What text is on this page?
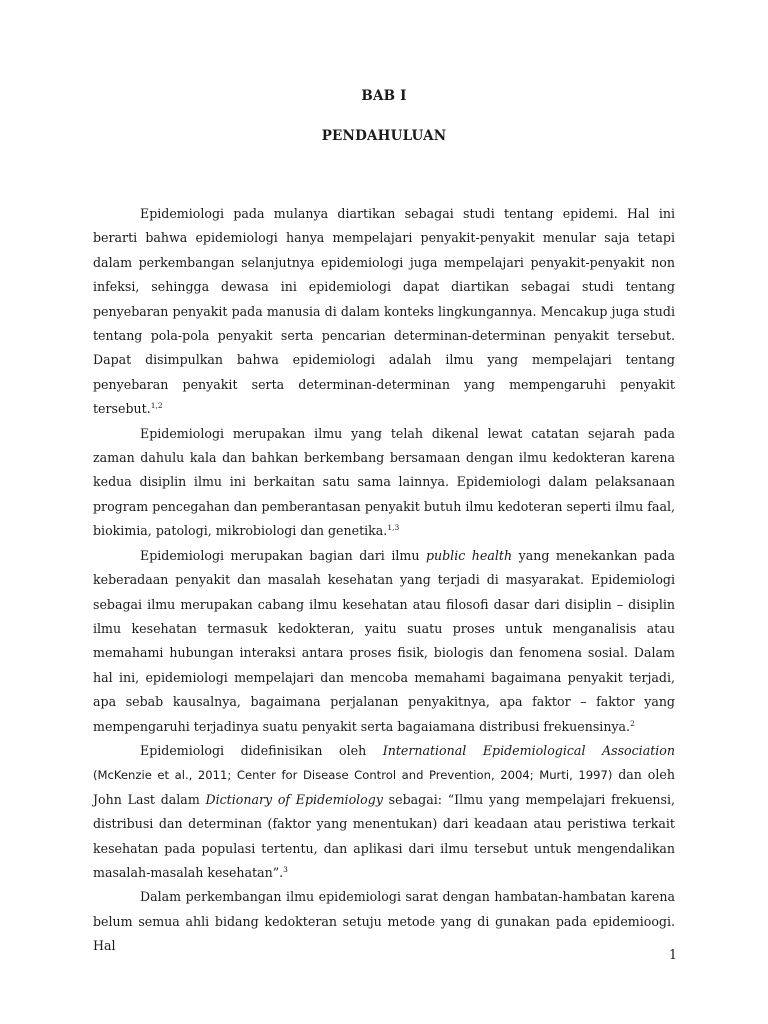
BAB I
PENDAHULUAN

Epidemiologi pada mulanya diartikan sebagai studi tentang epidemi. Hal ini berarti bahwa epidemiologi hanya mempelajari penyakit-penyakit menular saja tetapi dalam perkembangan selanjutnya epidemiologi juga mempelajari penyakit-penyakit non infeksi, sehingga dewasa ini epidemiologi dapat diartikan sebagai studi tentang penyebaran penyakit pada manusia di dalam konteks lingkungannya. Mencakup juga studi tentang pola-pola penyakit serta pencarian determinan-determinan penyakit tersebut. Dapat disimpulkan bahwa epidemiologi adalah ilmu yang mempelajari tentang penyebaran penyakit serta determinan-determinan yang mempengaruhi penyakit tersebut.$^{1,2}$

Epidemiologi merupakan ilmu yang telah dikenal lewat catatan sejarah pada zaman dahulu kala dan bahkan berkembang bersamaan dengan ilmu kedokteran karena kedua disiplin ilmu ini berkaitan satu sama lainnya. Epidemiologi dalam pelaksanaan program pencegahan dan pemberantasan penyakit butuh ilmu kedoteran seperti ilmu faal, biokimia, patologi, mikrobiologi dan genetika.$^{1,3}$

Epidemiologi merupakan bagian dari ilmu public health yang menekankan pada keberadaan penyakit dan masalah kesehatan yang terjadi di masyarakat. Epidemiologi sebagai ilmu merupakan cabang ilmu kesehatan atau filosofi dasar dari disiplin – disiplin ilmu kesehatan termasuk kedokteran, yaitu suatu proses untuk menganalisis atau memahami hubungan interaksi antara proses fisik, biologis dan fenomena sosial. Dalam hal ini, epidemiologi mempelajari dan mencoba memahami bagaimana penyakit terjadi, apa sebab kausalnya, bagaimana perjalanan penyakitnya, apa faktor – faktor yang mempengaruhi terjadinya suatu penyakit serta bagaiamana distribusi frekuensinya.$^2$

Epidemiologi didefinisikan oleh International Epidemiological Association (McKenzie et al., 2011; Center for Disease Control and Prevention, 2004; Murti, 1997) dan oleh John Last dalam Dictionary of Epidemiology sebagai: “Ilmu yang mempelajari frekuensi, distribusi dan determinan (faktor yang menentukan) dari keadaan atau peristiwa terkait kesehatan pada populasi tertentu, dan aplikasi dari ilmu tersebut untuk mengendalikan masalah-masalah kesehatan”.$^3$

Dalam perkembangan ilmu epidemiologi sarat dengan hambatan-hambatan karena belum semua ahli bidang kedokteran setuju metode yang di gunakan pada epidemioogi. Hal

1
